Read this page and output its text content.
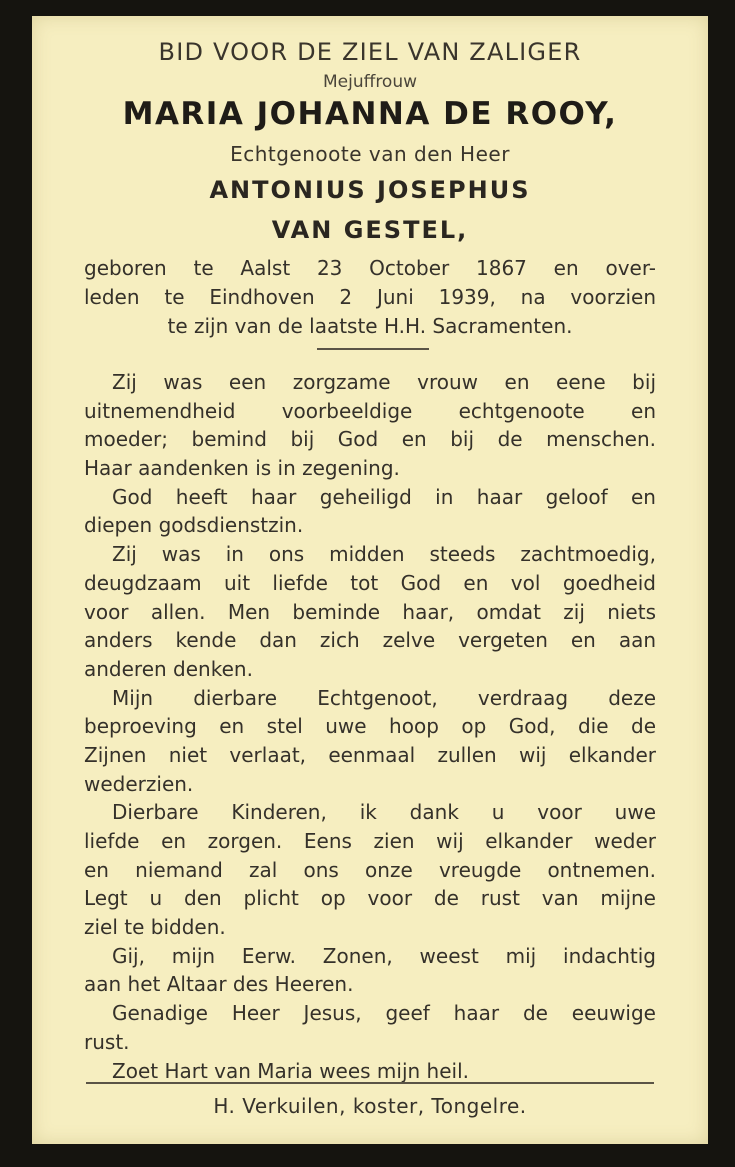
BID VOOR DE ZIEL VAN ZALIGER
Mejuffrouw
MARIA JOHANNA DE ROOY,
Echtgenoote van den Heer
ANTONIUS JOSEPHUS
VAN GESTEL,
geboren te Aalst 23 October 1867 en over-
leden te Eindhoven 2 Juni 1939, na voorzien
te zijn van de laatste H.H. Sacramenten.
Zij was een zorgzame vrouw en eene bij
uitnemendheid voorbeeldige echtgenoote en
moeder; bemind bij God en bij de menschen.
Haar aandenken is in zegening.
God heeft haar geheiligd in haar geloof en
diepen godsdienstzin.
Zij was in ons midden steeds zachtmoedig,
deugdzaam uit liefde tot God en vol goedheid
voor allen. Men beminde haar, omdat zij niets
anders kende dan zich zelve vergeten en aan
anderen denken.
Mijn dierbare Echtgenoot, verdraag deze
beproeving en stel uwe hoop op God, die de
Zijnen niet verlaat, eenmaal zullen wij elkander
wederzien.
Dierbare Kinderen, ik dank u voor uwe
liefde en zorgen. Eens zien wij elkander weder
en niemand zal ons onze vreugde ontnemen.
Legt u den plicht op voor de rust van mijne
ziel te bidden.
Gij, mijn Eerw. Zonen, weest mij indachtig
aan het Altaar des Heeren.
Genadige Heer Jesus, geef haar de eeuwige
rust.
Zoet Hart van Maria wees mijn heil.
H. Verkuilen, koster, Tongelre.
